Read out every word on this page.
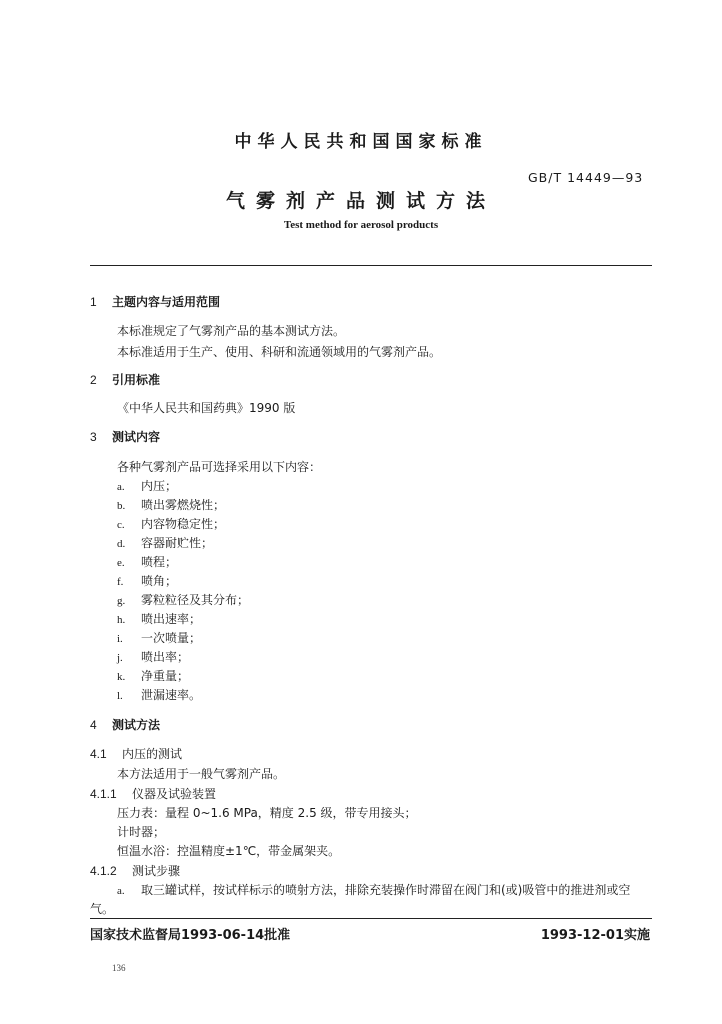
中华人民共和国国家标准
GB/T 14449—93
气雾剂产品测试方法
Test method for aerosol products
1 主题内容与适用范围
本标准规定了气雾剂产品的基本测试方法。
本标准适用于生产、使用、科研和流通领域用的气雾剂产品。
2 引用标准
《中华人民共和国药典》1990 版
3 测试内容
各种气雾剂产品可选择采用以下内容：
a. 内压；
b. 喷出雾燃烧性；
c. 内容物稳定性；
d. 容器耐贮性；
e. 喷程；
f. 喷角；
g. 雾粒粒径及其分布；
h. 喷出速率；
i. 一次喷量；
j. 喷出率；
k. 净重量；
l. 泄漏速率。
4 测试方法
4.1 内压的测试
本方法适用于一般气雾剂产品。
4.1.1 仪器及试验装置
压力表：量程 0~1.6 MPa，精度 2.5 级，带专用接头；
计时器；
恒温水浴：控温精度±1℃，带金属架夹。
4.1.2 测试步骤
a. 取三罐试样，按试样标示的喷射方法，排除充装操作时滞留在阀门和(或)吸管中的推进剂或空
气。
国家技术监督局1993-06-14批准	1993-12-01实施
136
